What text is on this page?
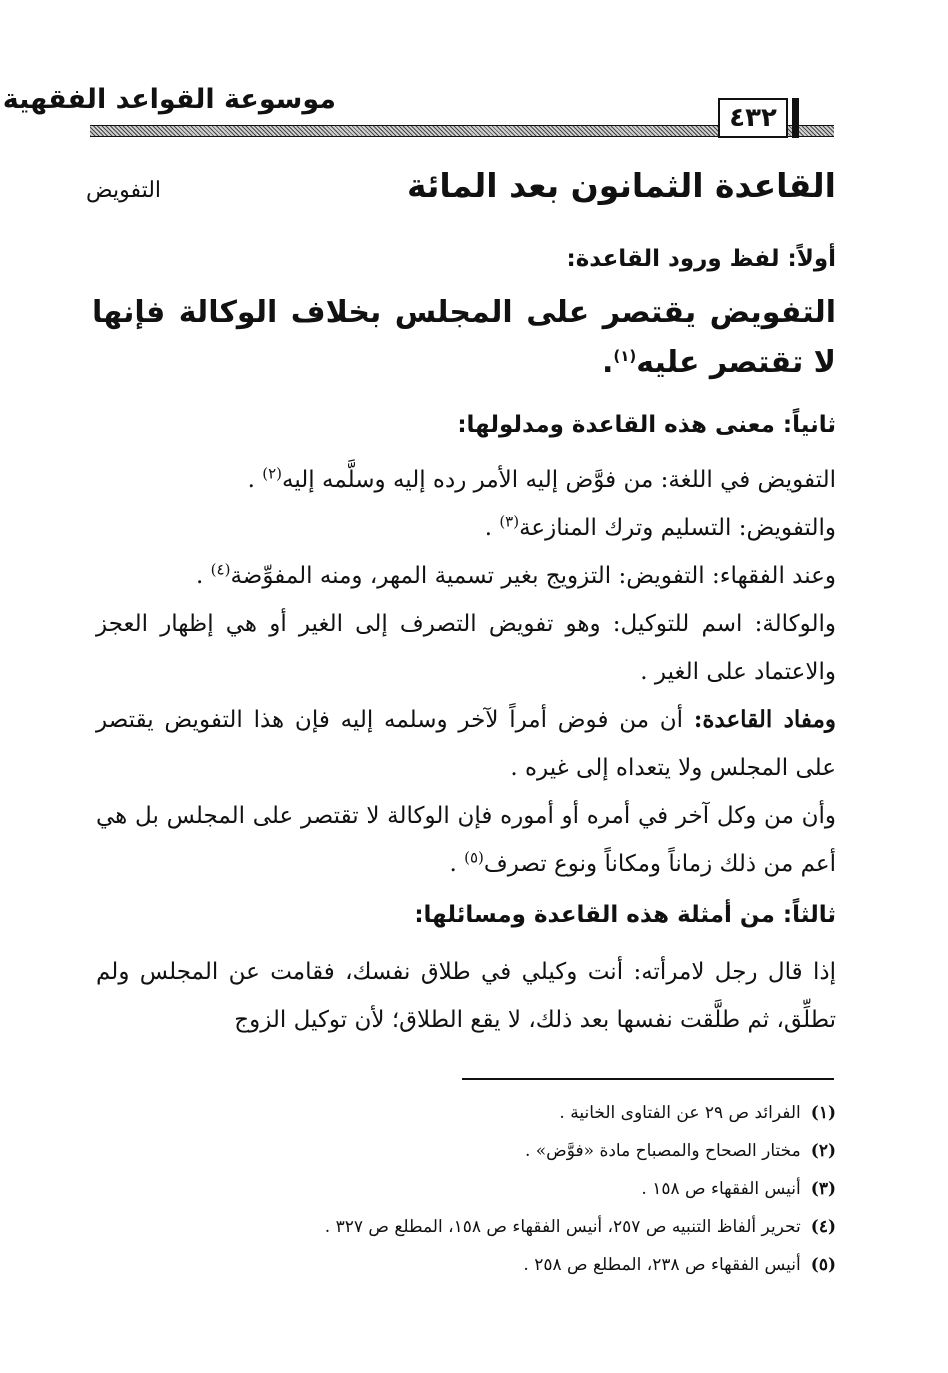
موسوعة القواعد الفقهية
٤٣٢
القاعدة الثمانون بعد المائة
التفويض
أولاً: لفظ ورود القاعدة:
التفويض يقتصر على المجلس بخلاف الوكالة فإنها لا تقتصر عليه$^{(١)}$.
ثانياً: معنى هذه القاعدة ومدلولها:

التفويض في اللغة: من فوَّض إليه الأمر رده إليه وسلَّمه إليه$^{(٢)}$ .

والتفويض: التسليم وترك المنازعة$^{(٣)}$ .

وعند الفقهاء: التفويض: التزويج بغير تسمية المهر، ومنه المفوِّضة$^{(٤)}$ .

والوكالة: اسم للتوكيل: وهو تفويض التصرف إلى الغير أو هي إظهار العجز والاعتماد على الغير .

ومفاد القاعدة: أن من فوض أمراً لآخر وسلمه إليه فإن هذا التفويض يقتصر على المجلس ولا يتعداه إلى غيره .

وأن من وكل آخر في أمره أو أموره فإن الوكالة لا تقتصر على المجلس بل هي أعم من ذلك زماناً ومكاناً ونوع تصرف$^{(٥)}$ .

ثالثاً: من أمثلة هذه القاعدة ومسائلها:

إذا قال رجل لامرأته: أنت وكيلي في طلاق نفسك، فقامت عن المجلس ولم تطلِّق، ثم طلَّقت نفسها بعد ذلك، لا يقع الطلاق؛ لأن توكيل الزوج

(١)الفرائد ص ٢٩ عن الفتاوى الخانية .
(٢)مختار الصحاح والمصباح مادة «فوَّض» .
(٣)أنيس الفقهاء ص ١٥٨ .
(٤)تحرير ألفاظ التنبيه ص ٢٥٧، أنيس الفقهاء ص ١٥٨، المطلع ص ٣٢٧ .
(٥)أنيس الفقهاء ص ٢٣٨، المطلع ص ٢٥٨ .
